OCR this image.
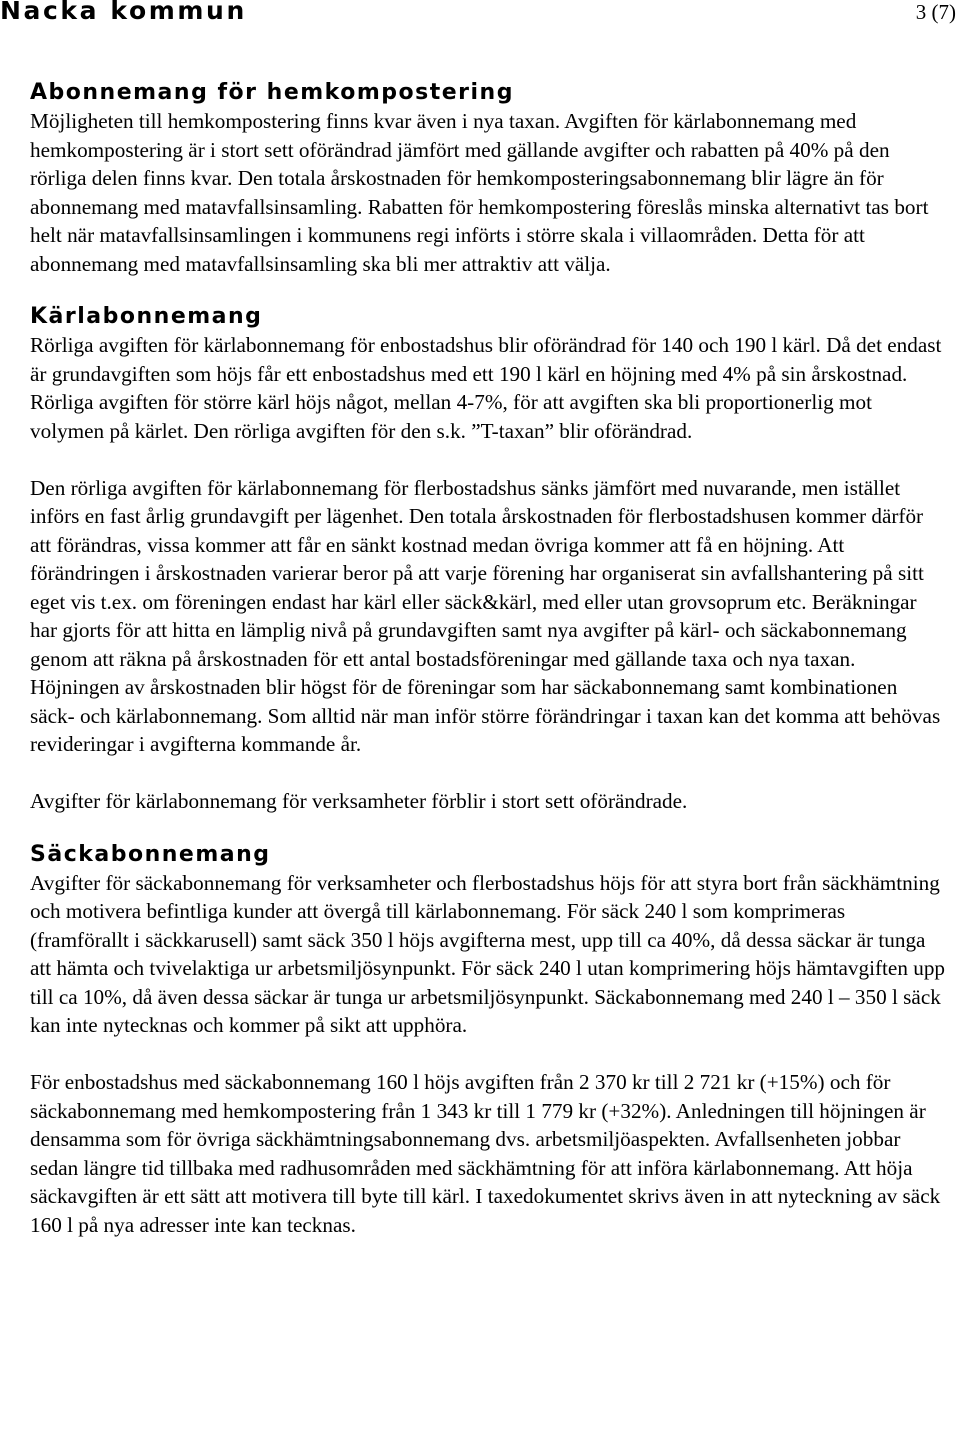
Nacka kommun	3 (7)
Abonnemang för hemkompostering

Möjligheten till hemkompostering finns kvar även i nya taxan. Avgiften för kärlabonnemang med hemkompostering är i stort sett oförändrad jämfört med gällande avgifter och rabatten på 40% på den rörliga delen finns kvar. Den totala årskostnaden för hemkomposteringsabonnemang blir lägre än för abonnemang med matavfallsinsamling. Rabatten för hemkompostering föreslås minska alternativt tas bort helt när matavfallsinsamlingen i kommunens regi införts i större skala i villaområden. Detta för att abonnemang med matavfallsinsamling ska bli mer attraktiv att välja.

Kärlabonnemang

Rörliga avgiften för kärlabonnemang för enbostadshus blir oförändrad för 140 och 190 l kärl. Då det endast är grundavgiften som höjs får ett enbostadshus med ett 190 l kärl en höjning med 4% på sin årskostnad. Rörliga avgiften för större kärl höjs något, mellan 4-7%, för att avgiften ska bli proportionerlig mot volymen på kärlet. Den rörliga avgiften för den s.k. ”T-taxan” blir oförändrad.

Den rörliga avgiften för kärlabonnemang för flerbostadshus sänks jämfört med nuvarande, men istället införs en fast årlig grundavgift per lägenhet. Den totala årskostnaden för flerbostadshusen kommer därför att förändras, vissa kommer att får en sänkt kostnad medan övriga kommer att få en höjning. Att förändringen i årskostnaden varierar beror på att varje förening har organiserat sin avfallshantering på sitt eget vis t.ex. om föreningen endast har kärl eller säck&kärl, med eller utan grovsoprum etc. Beräkningar har gjorts för att hitta en lämplig nivå på grundavgiften samt nya avgifter på kärl- och säckabonnemang genom att räkna på årskostnaden för ett antal bostadsföreningar med gällande taxa och nya taxan. Höjningen av årskostnaden blir högst för de föreningar som har säckabonnemang samt kombinationen säck- och kärlabonnemang. Som alltid när man inför större förändringar i taxan kan det komma att behövas revideringar i avgifterna kommande år.

Avgifter för kärlabonnemang för verksamheter förblir i stort sett oförändrade.

Säckabonnemang

Avgifter för säckabonnemang för verksamheter och flerbostadshus höjs för att styra bort från säckhämtning och motivera befintliga kunder att övergå till kärlabonnemang. För säck 240 l som komprimeras (framförallt i säckkarusell) samt säck 350 l höjs avgifterna mest, upp till ca 40%, då dessa säckar är tunga att hämta och tvivelaktiga ur arbetsmiljösynpunkt. För säck 240 l utan komprimering höjs hämtavgiften upp till ca 10%, då även dessa säckar är tunga ur arbetsmiljösynpunkt. Säckabonnemang med 240 l – 350 l säck kan inte nytecknas och kommer på sikt att upphöra.

För enbostadshus med säckabonnemang 160 l höjs avgiften från 2 370 kr till 2 721 kr (+15%) och för säckabonnemang med hemkompostering från 1 343 kr till 1 779 kr (+32%). Anledningen till höjningen är densamma som för övriga säckhämtningsabonnemang dvs. arbetsmiljöaspekten. Avfallsenheten jobbar sedan längre tid tillbaka med radhusområden med säckhämtning för att införa kärlabonnemang. Att höja säckavgiften är ett sätt att motivera till byte till kärl. I taxedokumentet skrivs även in att nyteckning av säck 160 l på nya adresser inte kan tecknas.
